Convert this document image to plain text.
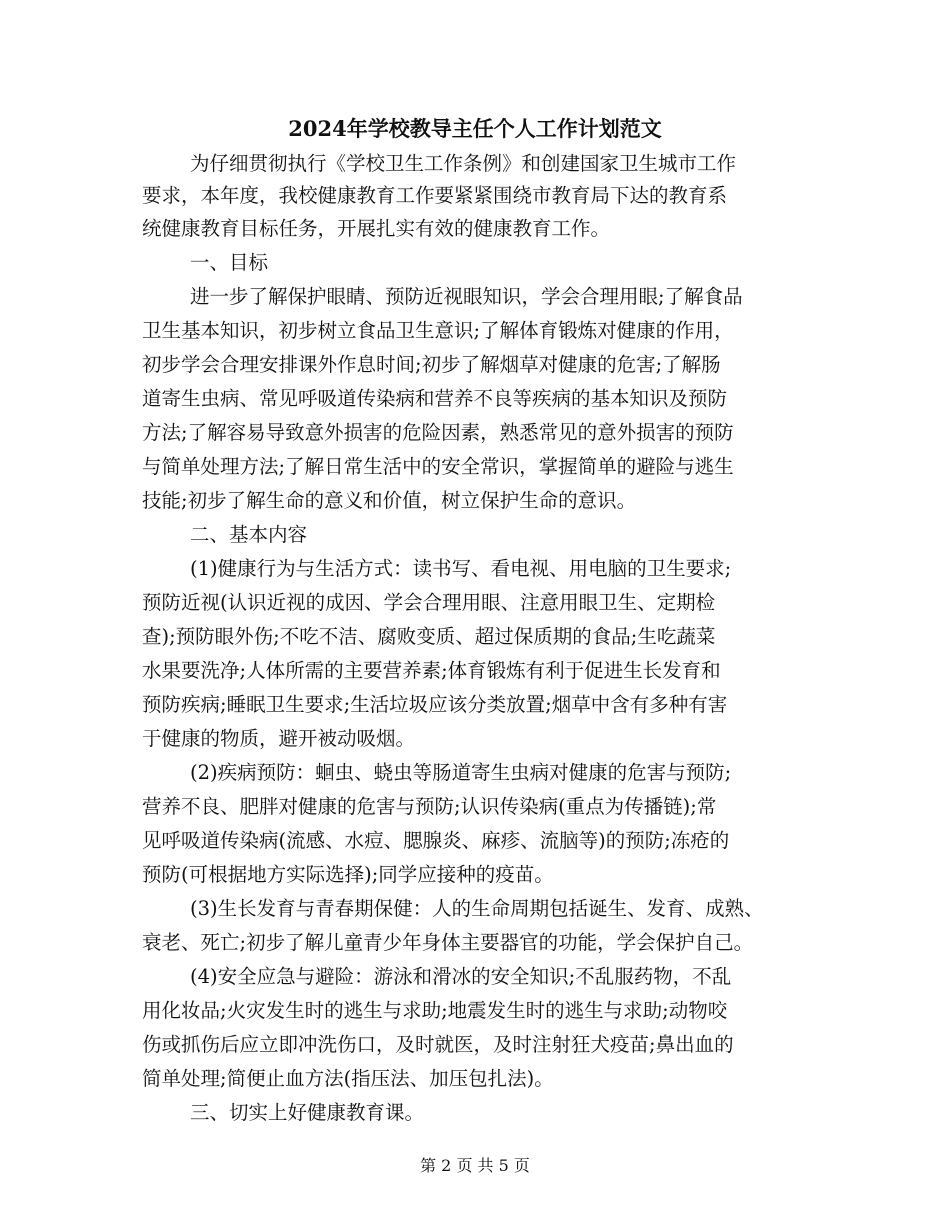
2024年学校教导主任个人工作计划范文
为仔细贯彻执行《学校卫生工作条例》和创建国家卫生城市工作
要求，本年度，我校健康教育工作要紧紧围绕市教育局下达的教育系
统健康教育目标任务，开展扎实有效的健康教育工作。
一、目标
进一步了解保护眼睛、预防近视眼知识，学会合理用眼;了解食品
卫生基本知识，初步树立食品卫生意识;了解体育锻炼对健康的作用，
初步学会合理安排课外作息时间;初步了解烟草对健康的危害;了解肠
道寄生虫病、常见呼吸道传染病和营养不良等疾病的基本知识及预防
方法;了解容易导致意外损害的危险因素，熟悉常见的意外损害的预防
与简单处理方法;了解日常生活中的安全常识，掌握简单的避险与逃生
技能;初步了解生命的意义和价值，树立保护生命的意识。
二、基本内容
(1)健康行为与生活方式：读书写、看电视、用电脑的卫生要求;
预防近视(认识近视的成因、学会合理用眼、注意用眼卫生、定期检
查);预防眼外伤;不吃不洁、腐败变质、超过保质期的食品;生吃蔬菜
水果要洗净;人体所需的主要营养素;体育锻炼有利于促进生长发育和
预防疾病;睡眠卫生要求;生活垃圾应该分类放置;烟草中含有多种有害
于健康的物质，避开被动吸烟。
(2)疾病预防：蛔虫、蛲虫等肠道寄生虫病对健康的危害与预防;
营养不良、肥胖对健康的危害与预防;认识传染病(重点为传播链);常
见呼吸道传染病(流感、水痘、腮腺炎、麻疹、流脑等)的预防;冻疮的
预防(可根据地方实际选择);同学应接种的疫苗。
(3)生长发育与青春期保健：人的生命周期包括诞生、发育、成熟、
衰老、死亡;初步了解儿童青少年身体主要器官的功能，学会保护自己。
(4)安全应急与避险：游泳和滑冰的安全知识;不乱服药物，不乱
用化妆品;火灾发生时的逃生与求助;地震发生时的逃生与求助;动物咬
伤或抓伤后应立即冲洗伤口，及时就医，及时注射狂犬疫苗;鼻出血的
简单处理;简便止血方法(指压法、加压包扎法)。
三、切实上好健康教育课。
第 2 页 共 5 页
